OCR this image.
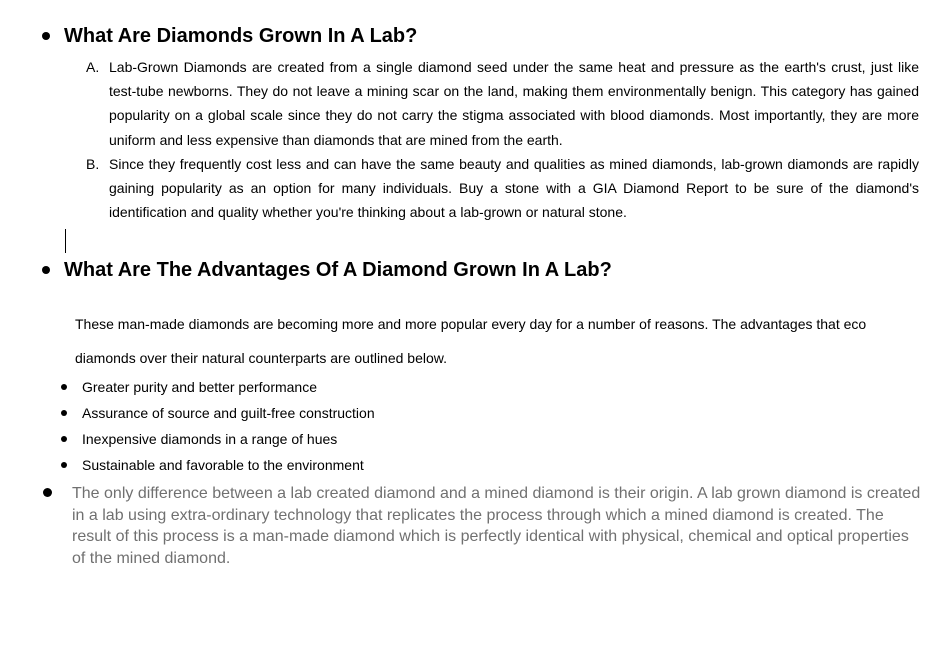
What Are Diamonds Grown In A Lab?
A. Lab-Grown Diamonds are created from a single diamond seed under the same heat and pressure as the earth's crust, just like test-tube newborns. They do not leave a mining scar on the land, making them environmentally benign. This category has gained popularity on a global scale since they do not carry the stigma associated with blood diamonds. Most importantly, they are more uniform and less expensive than diamonds that are mined from the earth.
B. Since they frequently cost less and can have the same beauty and qualities as mined diamonds, lab-grown diamonds are rapidly gaining popularity as an option for many individuals. Buy a stone with a GIA Diamond Report to be sure of the diamond's identification and quality whether you're thinking about a lab-grown or natural stone.
What Are The Advantages Of A Diamond Grown In A Lab?

These man-made diamonds are becoming more and more popular every day for a number of reasons. The advantages that eco diamonds over their natural counterparts are outlined below.

Greater purity and better performance
Assurance of source and guilt-free construction
Inexpensive diamonds in a range of hues
Sustainable and favorable to the environment

The only difference between a lab created diamond and a mined diamond is their origin. A lab grown diamond is created in a lab using extra-ordinary technology that replicates the process through which a mined diamond is created. The result of this process is a man-made diamond which is perfectly identical with physical, chemical and optical properties of the mined diamond.
